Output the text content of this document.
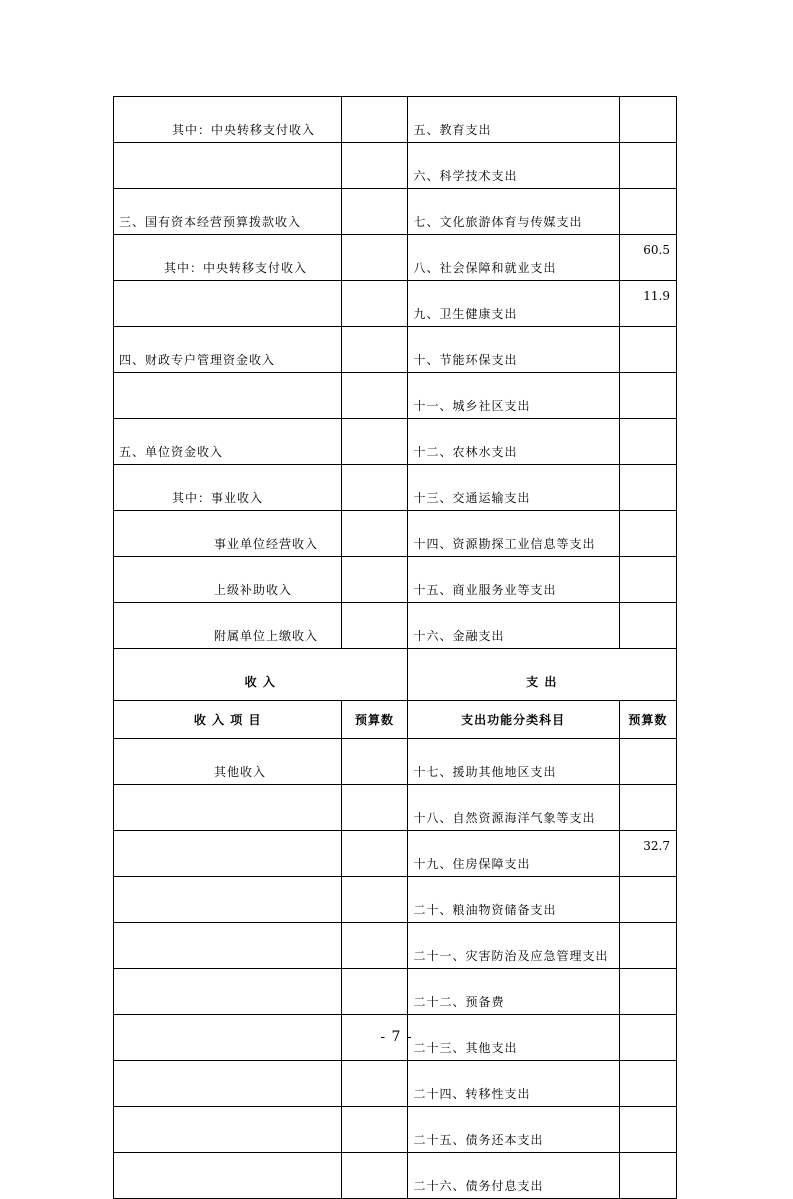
其中：中央转移支付收入		五、教育支出	
		六、科学技术支出	
三、国有资本经营预算拨款收入		七、文化旅游体育与传媒支出	
其中：中央转移支付收入		八、社会保障和就业支出	60.5
		九、卫生健康支出	11.9
四、财政专户管理资金收入		十、节能环保支出	
		十一、城乡社区支出	
五、单位资金收入		十二、农林水支出	
其中：事业收入		十三、交通运输支出	
事业单位经营收入		十四、资源勘探工业信息等支出	
上级补助收入		十五、商业服务业等支出	
附属单位上缴收入		十六、金融支出	
收 入		支 出	
收 入 项 目	预算数	支出功能分类科目	预算数
其他收入		十七、援助其他地区支出	
		十八、自然资源海洋气象等支出	
		十九、住房保障支出	32.7
		二十、粮油物资储备支出	
		二十一、灾害防治及应急管理支出	
		二十二、预备费	
		二十三、其他支出	
		二十四、转移性支出	
		二十五、债务还本支出	
		二十六、债务付息支出	
- 7 -
